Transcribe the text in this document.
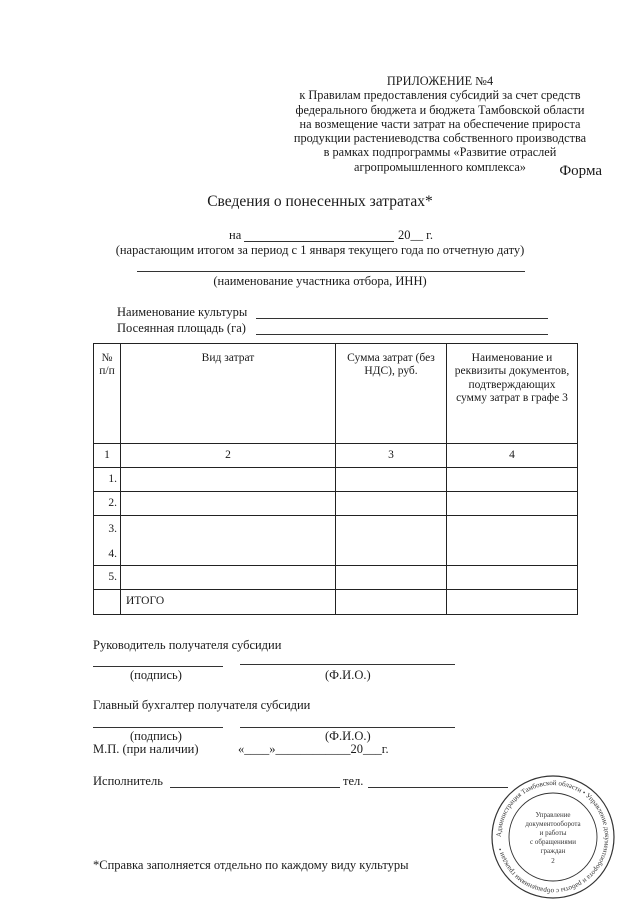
ПРИЛОЖЕНИЕ №4
к Правилам предоставления субсидий за счет средств
федерального бюджета и бюджета Тамбовской области
на возмещение части затрат на обеспечение прироста
продукции растениеводства собственного производства
в рамках подпрограммы «Развитие отраслей
агропромышленного комплекса»	Форма
Сведения о понесенных затратах*
на	20__ г.
(нарастающим итогом за период с 1 января текущего года по отчетную дату)
(наименование участника отбора, ИНН)
Наименование культуры
Посеянная площадь (га)
№ п/п	Вид затрат	Сумма затрат (без НДС), руб.	Наименование и реквизиты документов, подтверждающих сумму затрат в графе 3
1	2	3	4
1.			
2.			

3.
4.			

5.			
	ИТОГО		
Руководитель получателя субсидии
(подпись)	(Ф.И.О.)
Главный бухгалтер получателя субсидии
(подпись)	(Ф.И.О.)
М.П. (при наличии)	«____»____________20___г.
Исполнитель	тел.
*Справка заполняется отдельно по каждому виду культуры
Администрация Тамбовской области • Управление документооборота и работы с обращениями граждан •
Управление
документооборота
и работы
с обращениями
граждан
2
